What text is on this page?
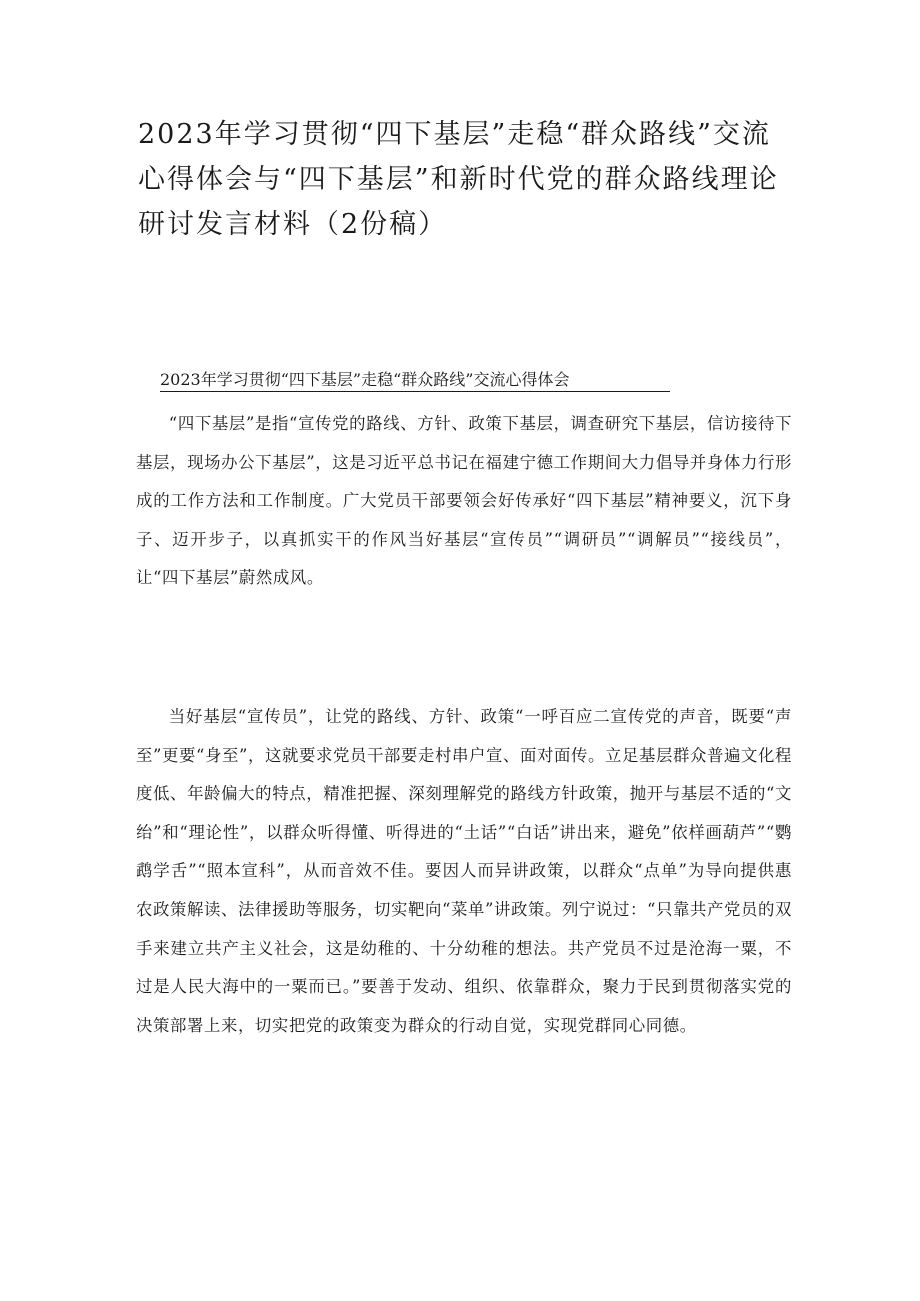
2023年学习贯彻“四下基层”走稳“群众路线”交流心得体会与“四下基层”和新时代党的群众路线理论研讨发言材料（2份稿）
2023年学习贯彻“四下基层”走稳“群众路线”交流心得体会

“四下基层”是指“宣传党的路线、方针、政策下基层，调查研究下基层，信访接待下基层，现场办公下基层”，这是习近平总书记在福建宁德工作期间大力倡导并身体力行形成的工作方法和工作制度。广大党员干部要领会好传承好“四下基层”精神要义，沉下身子、迈开步子，以真抓实干的作风当好基层“宣传员”“调研员”“调解员”“接线员”，让“四下基层”蔚然成风。

当好基层“宣传员”，让党的路线、方针、政策“一呼百应二宣传党的声音，既要“声至”更要“身至”，这就要求党员干部要走村串户宣、面对面传。立足基层群众普遍文化程度低、年龄偏大的特点，精准把握、深刻理解党的路线方针政策，抛开与基层不适的“文绐”和“理论性”，以群众听得懂、听得进的“土话”“白话”讲出来，避免”依样画葫芦”“鹦鹉学舌”“照本宣科”，从而音效不佳。要因人而异讲政策，以群众“点单”为导向提供惠农政策解读、法律援助等服务，切实靶向“菜单”讲政策。列宁说过：“只靠共产党员的双手来建立共产主义社会，这是幼稚的、十分幼稚的想法。共产党员不过是沧海一粟，不过是人民大海中的一粟而已。”要善于发动、组织、依靠群众，聚力于民到贯彻落实党的决策部署上来，切实把党的政策变为群众的行动自觉，实现党群同心同德。
